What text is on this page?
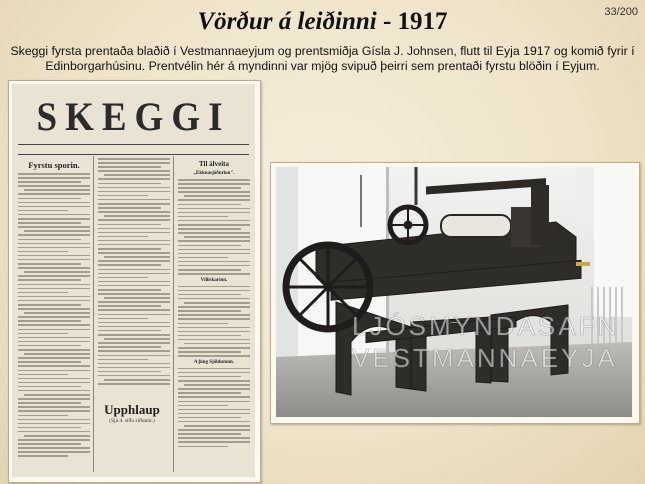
33/200
Vörður á leiðinni - 1917
Skeggi fyrsta prentaða blaðið í Vestmannaeyjum og prentsmiðja Gísla J. Johnsen, flutt til Eyja 1917 og komið fyrir í Edinborgarhúsinu. Prentvélin hér á myndinni var mjög svipuð þeirri sem prentaði fyrstu blöðin í Eyjum.
SKEGGI
Fyrstu sporin.	Til álveita
„Ekknasjóðurion".
Villiskarinn.
A þing Sjöldunum.
Upphlaup
(Sjá 4. síðu síðunni.)
LJÓSMYNDASAFN
VESTMANNAEYJA
